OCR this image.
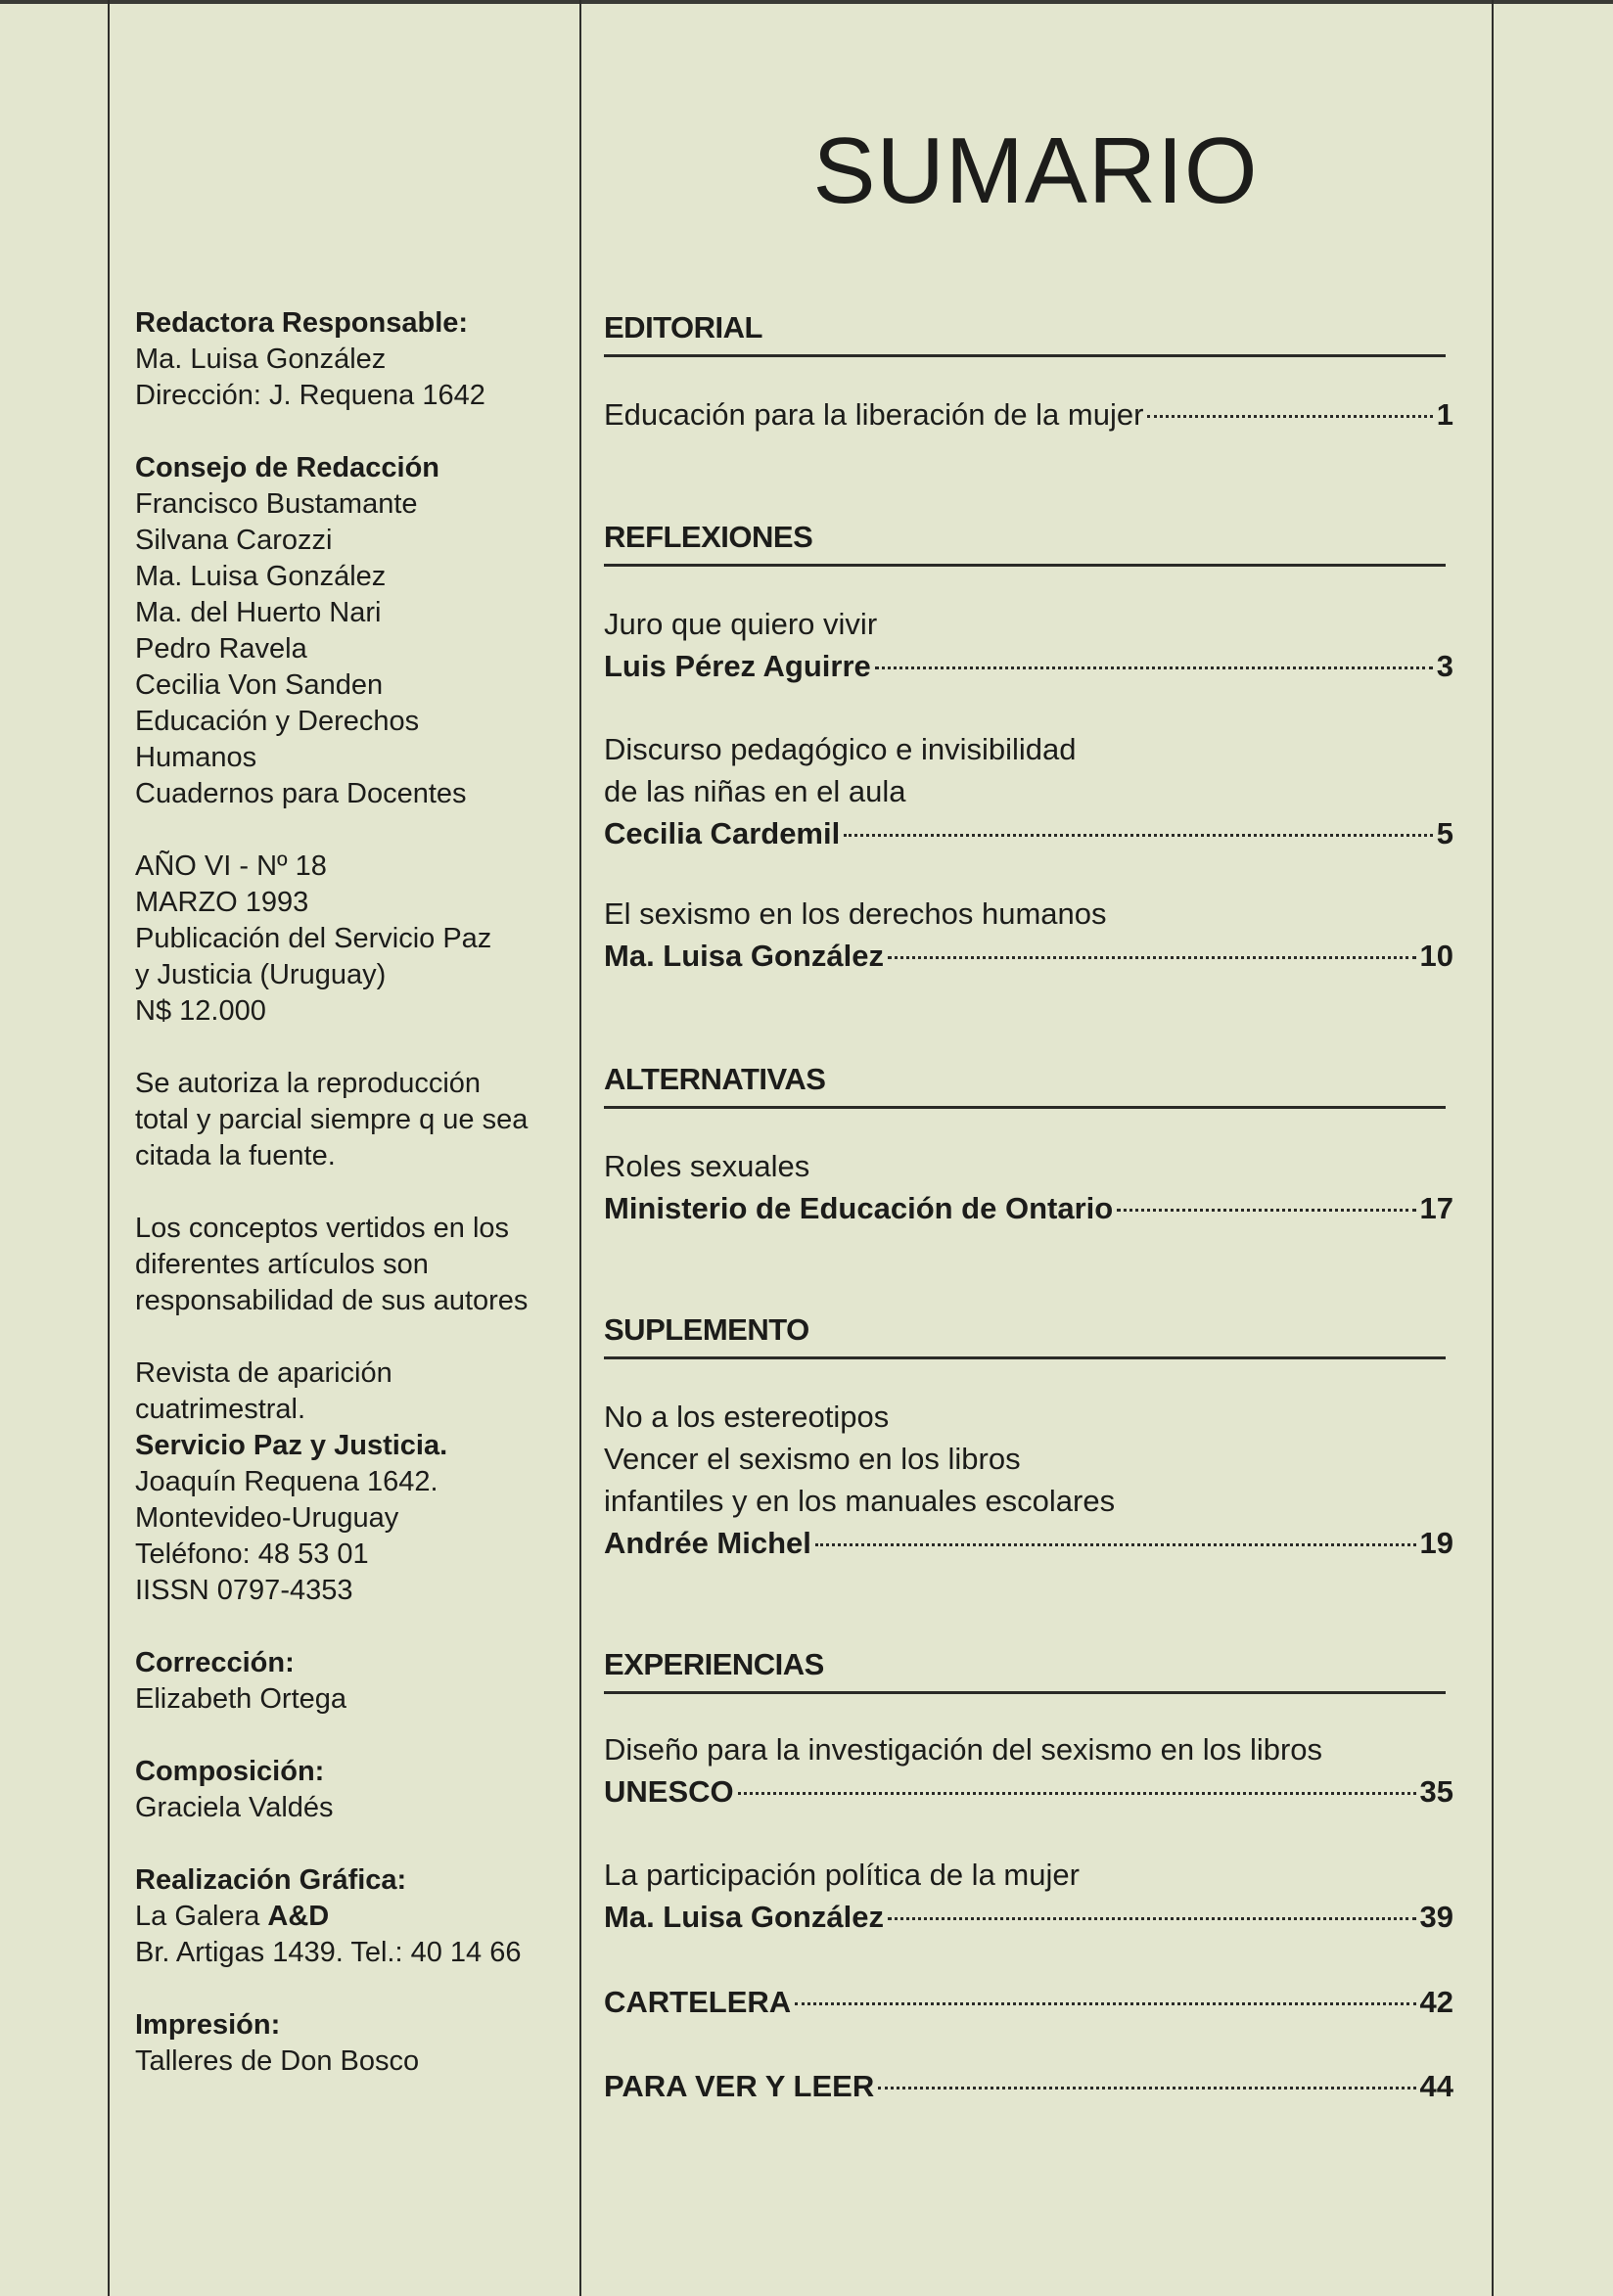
Redactora Responsable:
Ma. Luisa González
Dirección: J. Requena 1642
Consejo de Redacción
Francisco Bustamante
Silvana Carozzi
Ma. Luisa González
Ma. del Huerto Nari
Pedro Ravela
Cecilia Von Sanden
Educación y Derechos
Humanos
Cuadernos para Docentes
AÑO VI - Nº 18
MARZO 1993
Publicación del Servicio Paz
y Justicia (Uruguay)
N$ 12.000
Se autoriza la reproducción
total y parcial siempre q ue sea
citada la fuente.
Los conceptos vertidos en los
diferentes artículos son
responsabilidad de sus autores
Revista de aparición
cuatrimestral.
Servicio Paz y Justicia.
Joaquín Requena 1642.
Montevideo-Uruguay
Teléfono: 48 53 01
IISSN 0797-4353
Corrección:
Elizabeth Ortega
Composición:
Graciela Valdés
Realización Gráfica:
La Galera A&D
Br. Artigas 1439. Tel.: 40 14 66
Impresión:
Talleres de Don Bosco
SUMARIO
EDITORIAL
Educación para la liberación de la mujer	1
REFLEXIONES
Juro que quiero vivir
Luis Pérez Aguirre	3
Discurso pedagógico e invisibilidad
de las niñas en el aula
Cecilia Cardemil	5
El sexismo en los derechos humanos
Ma. Luisa González	10
ALTERNATIVAS
Roles sexuales
Ministerio de Educación de Ontario	17
SUPLEMENTO
No a los estereotipos
Vencer el sexismo en los libros
infantiles y en los manuales escolares
Andrée Michel	19
EXPERIENCIAS
Diseño para la investigación del sexismo en los libros
UNESCO	35
La participación política de la mujer
Ma. Luisa González	39
CARTELERA	42
PARA VER Y LEER	44
